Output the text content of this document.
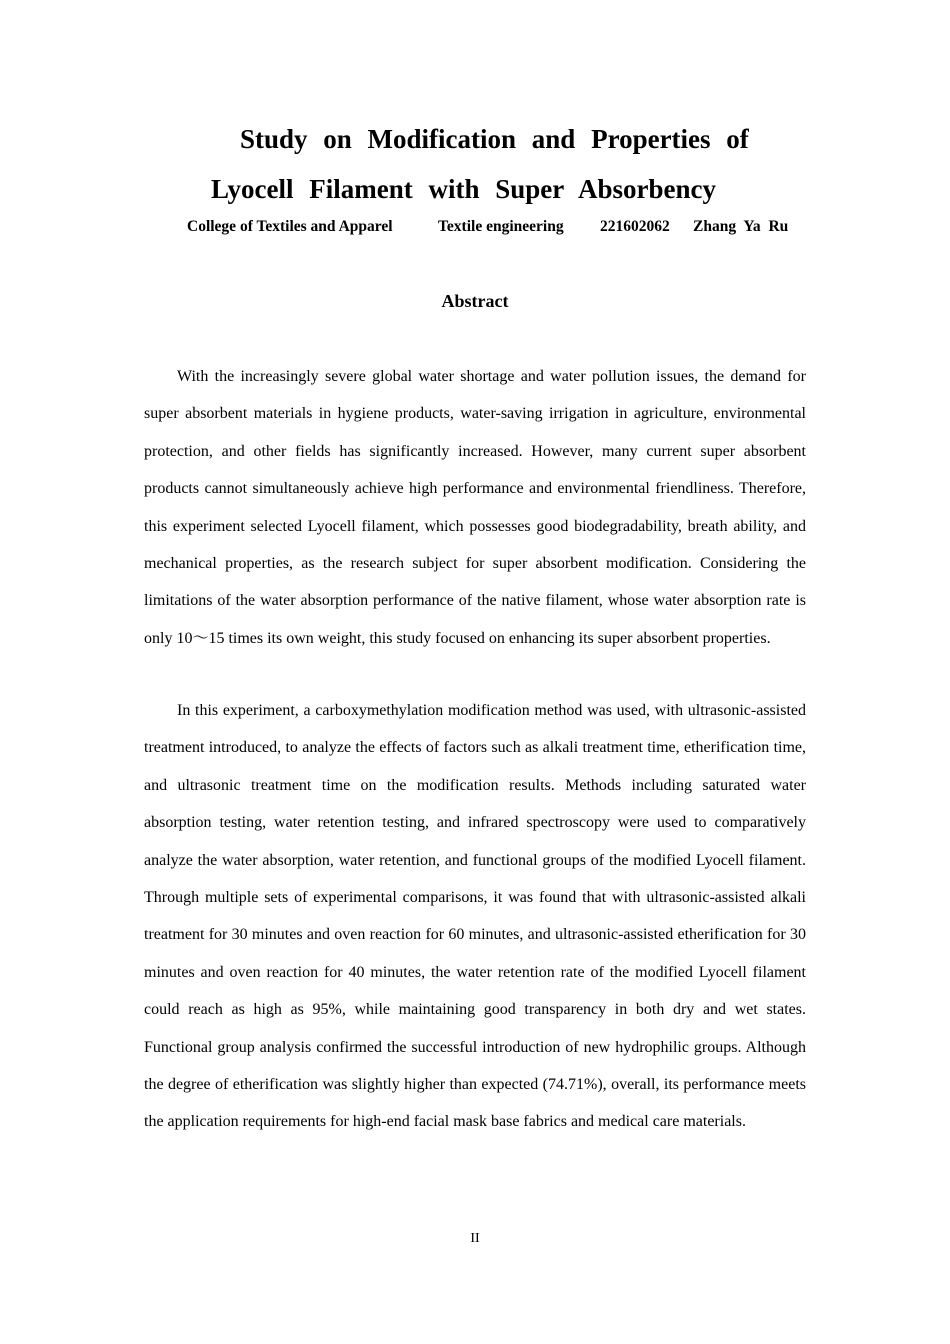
Study on Modification and Properties of
Lyocell Filament with Super Absorbency
College of Textiles and Apparel	Textile engineering 221602062 Zhang Ya Ru
Abstract

With the increasingly severe global water shortage and water pollution issues, the demand for super absorbent materials in hygiene products, water-saving irrigation in agriculture, environmental protection, and other fields has significantly increased. However, many current super absorbent products cannot simultaneously achieve high performance and environmental friendliness. Therefore, this experiment selected Lyocell filament, which possesses good biodegradability, breath ability, and mechanical properties, as the research subject for super absorbent modification. Considering the limitations of the water absorption performance of the native filament, whose water absorption rate is only 10～15 times its own weight, this study focused on enhancing its super absorbent properties.

In this experiment, a carboxymethylation modification method was used, with ultrasonic-assisted treatment introduced, to analyze the effects of factors such as alkali treatment time, etherification time, and ultrasonic treatment time on the modification results. Methods including saturated water absorption testing, water retention testing, and infrared spectroscopy were used to comparatively analyze the water absorption, water retention, and functional groups of the modified Lyocell filament. Through multiple sets of experimental comparisons, it was found that with ultrasonic-assisted alkali treatment for 30 minutes and oven reaction for 60 minutes, and ultrasonic-assisted etherification for 30 minutes and oven reaction for 40 minutes, the water retention rate of the modified Lyocell filament could reach as high as 95%, while maintaining good transparency in both dry and wet states. Functional group analysis confirmed the successful introduction of new hydrophilic groups. Although the degree of etherification was slightly higher than expected (74.71%), overall, its performance meets the application requirements for high-end facial mask base fabrics and medical care materials.

II
